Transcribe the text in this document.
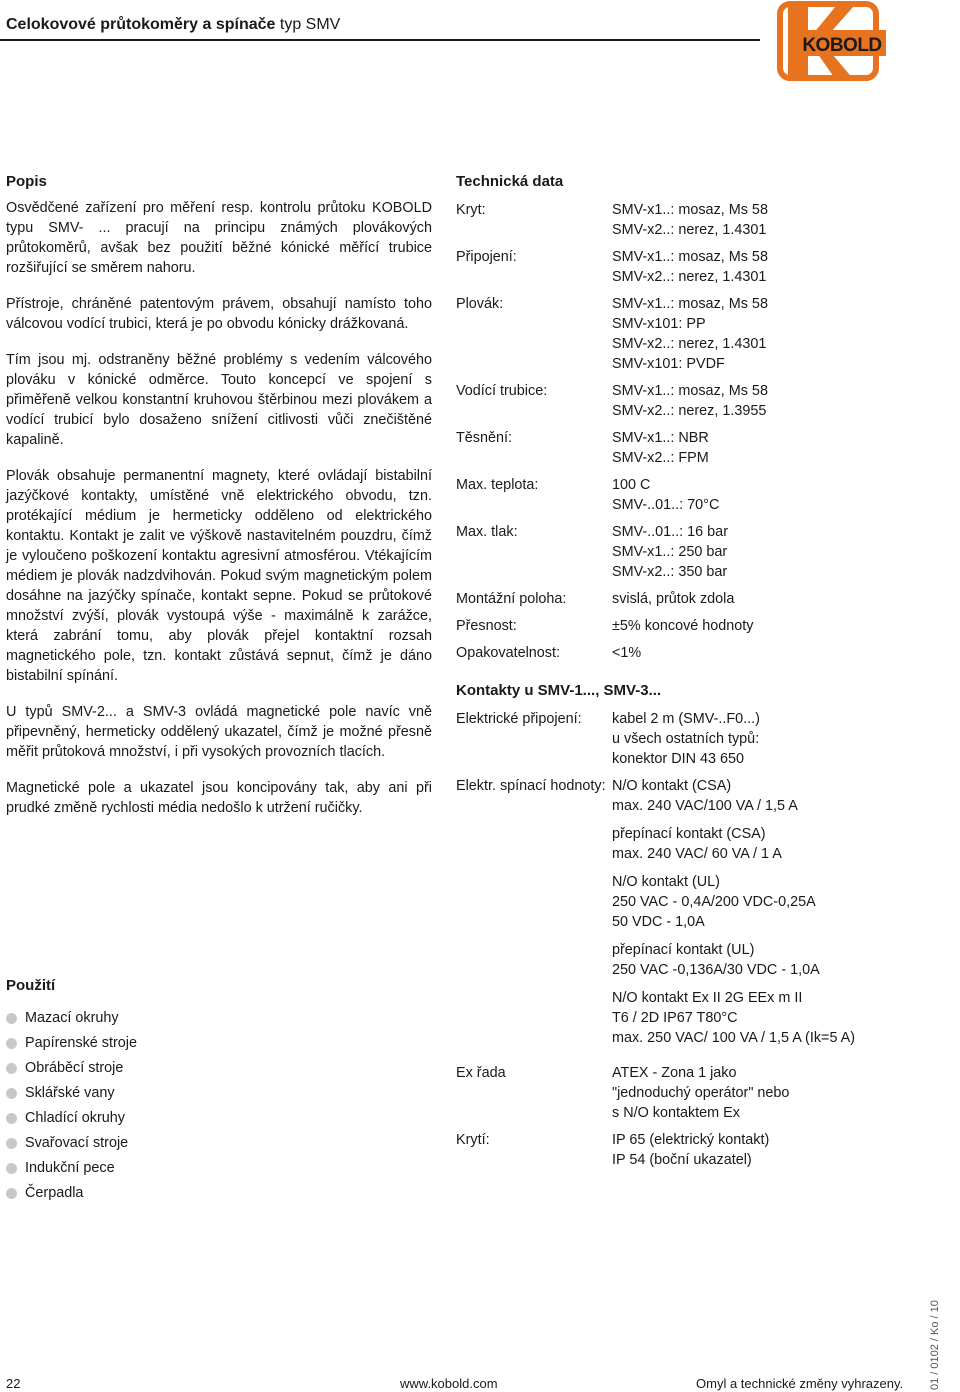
Celokovové průtokoměry a spínače typ SMV
KOBOLD
Popis

Osvědčené zařízení pro měření resp. kontrolu průtoku KOBOLD typu SMV- ... pracují na principu známých plovákových průtokoměrů, avšak bez použití běžné kónické měřící trubice rozšiřující se směrem nahoru.

Přístroje, chráněné patentovým právem, obsahují namísto toho válcovou vodící trubici, která je po obvodu kónicky drážkovaná.

Tím jsou mj. odstraněny běžné problémy s vedením válcového plováku v kónické odměrce. Touto koncepcí ve spojení s přiměřeně velkou konstantní kruhovou štěrbinou mezi plovákem a vodící trubicí bylo dosaženo snížení citlivosti vůči znečištěné kapalině.

Plovák obsahuje permanentní magnety, které ovládají bistabilní jazýčkové kontakty, umístěné vně elektrického obvodu, tzn. protékající médium je hermeticky odděleno od elektrického kontaktu. Kontakt je zalit ve výškově nastavitelném pouzdru, čímž je vyloučeno poškození kontaktu agresivní atmosférou. Vtékajícím médiem je plovák nadzdvihován. Pokud svým magnetickým polem dosáhne na jazýčky spínače, kontakt sepne. Pokud se průtokové množství zvýší, plovák vystoupá výše - maximálně k zarážce, která zabrání tomu, aby plovák přejel kontaktní rozsah magnetického pole, tzn. kontakt zůstává sepnut, čímž je dáno bistabilní spínání.

U typů SMV-2... a SMV-3 ovládá magnetické pole navíc vně připevněný, hermeticky oddělený ukazatel, čímž je možné přesně měřit průtoková množství, i při vysokých provozních tlacích.

Magnetické pole a ukazatel jsou koncipovány tak, aby ani při prudké změně rychlosti média nedošlo k utržení ručičky.

Použití
Mazací okruhy
Papírenské stroje
Obráběcí stroje
Sklářské vany
Chladící okruhy
Svařovací stroje
Indukční pece
Čerpadla
Technická data
Kryt:	SMV-x1..: mosaz, Ms 58
SMV-x2..: nerez, 1.4301
Připojení:	SMV-x1..: mosaz, Ms 58
SMV-x2..: nerez, 1.4301
Plovák:	SMV-x1..: mosaz, Ms 58
SMV-x101: PP
SMV-x2..: nerez, 1.4301
SMV-x101: PVDF
Vodící trubice:	SMV-x1..: mosaz, Ms 58
SMV-x2..: nerez, 1.3955
Těsnění:	SMV-x1..: NBR
SMV-x2..: FPM
Max. teplota:	100 C
SMV-..01..: 70°C
Max. tlak:	SMV-..01..: 16 bar
SMV-x1..: 250 bar
SMV-x2..: 350 bar
Montážní poloha:	svislá, průtok zdola
Přesnost:	±5% koncové hodnoty
Opakovatelnost:	<1%
Kontakty u SMV-1..., SMV-3...
Elektrické připojení:	kabel 2 m (SMV-..F0...)
u všech ostatních typů:
konektor DIN 43 650
Elektr. spínací hodnoty: N/O kontakt (CSA)
max. 240 VAC/100 VA / 1,5 A
přepínací kontakt (CSA)
max. 240 VAC/ 60 VA / 1 A
N/O kontakt (UL)
250 VAC - 0,4A/200 VDC-0,25A
50 VDC - 1,0A
přepínací kontakt (UL)
250 VAC -0,136A/30 VDC - 1,0A
N/O kontakt Ex II 2G EEx m II
T6 / 2D IP67 T80°C
max. 250 VAC/ 100 VA / 1,5 A (Ik=5 A)
Ex řada	ATEX - Zona 1 jako
"jednoduchý operátor" nebo
s N/O kontaktem Ex
Krytí:	IP 65 (elektrický kontakt)
IP 54 (boční ukazatel)
22	www.kobold.com	Omyl a technické změny vyhrazeny. 01 / 0102 / Ko / 10
